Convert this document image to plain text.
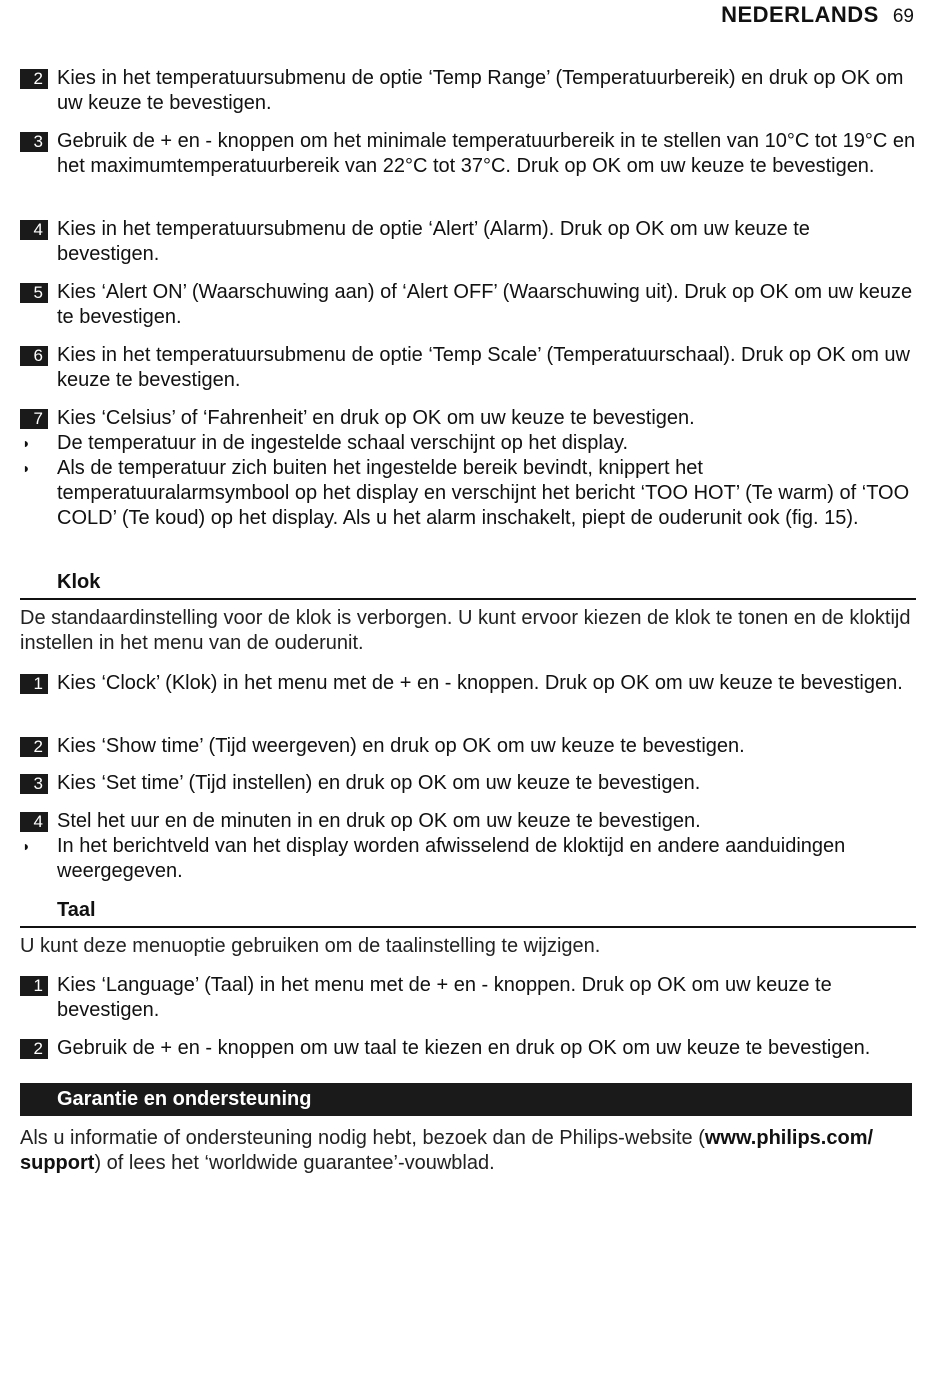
NEDERLANDS 69
2 Kies in het temperatuursubmenu de optie ‘Temp Range’ (Temperatuurbereik) en druk op OK om uw keuze te bevestigen.
3 Gebruik de + en - knoppen om het minimale temperatuurbereik in te stellen van 10°C tot 19°C en het maximumtemperatuurbereik van 22°C tot 37°C. Druk op OK om uw keuze te bevestigen.
4 Kies in het temperatuursubmenu de optie ‘Alert’ (Alarm). Druk op OK om uw keuze te bevestigen.
5 Kies ‘Alert ON’ (Waarschuwing aan) of ‘Alert OFF’ (Waarschuwing uit). Druk op OK om uw keuze te bevestigen.
6 Kies in het temperatuursubmenu de optie ‘Temp Scale’ (Temperatuurschaal). Druk op OK om uw keuze te bevestigen.
7 Kies ‘Celsius’ of ‘Fahrenheit’ en druk op OK om uw keuze te bevestigen.
◗ De temperatuur in de ingestelde schaal verschijnt op het display.
◗ Als de temperatuur zich buiten het ingestelde bereik bevindt, knippert het temperatuuralarmsymbool op het display en verschijnt het bericht ‘TOO HOT’ (Te warm) of ‘TOO COLD’ (Te koud) op het display. Als u het alarm inschakelt, piept de ouderunit ook (fig. 15).
Klok
De standaardinstelling voor de klok is verborgen. U kunt ervoor kiezen de klok te tonen en de kloktijd instellen in het menu van de ouderunit.
1 Kies ‘Clock’ (Klok) in het menu met de + en - knoppen. Druk op OK om uw keuze te bevestigen.
2 Kies ‘Show time’ (Tijd weergeven) en druk op OK om uw keuze te bevestigen.
3 Kies ‘Set time’ (Tijd instellen) en druk op OK om uw keuze te bevestigen.
4 Stel het uur en de minuten in en druk op OK om uw keuze te bevestigen.
◗ In het berichtveld van het display worden afwisselend de kloktijd en andere aanduidingen weergegeven.
Taal
U kunt deze menuoptie gebruiken om de taalinstelling te wijzigen.
1 Kies ‘Language’ (Taal) in het menu met de + en - knoppen. Druk op OK om uw keuze te bevestigen.
2 Gebruik de + en - knoppen om uw taal te kiezen en druk op OK om uw keuze te bevestigen.
Garantie en ondersteuning
Als u informatie of ondersteuning nodig hebt, bezoek dan de Philips-website (www.philips.com/ support) of lees het ‘worldwide guarantee’-vouwblad.
